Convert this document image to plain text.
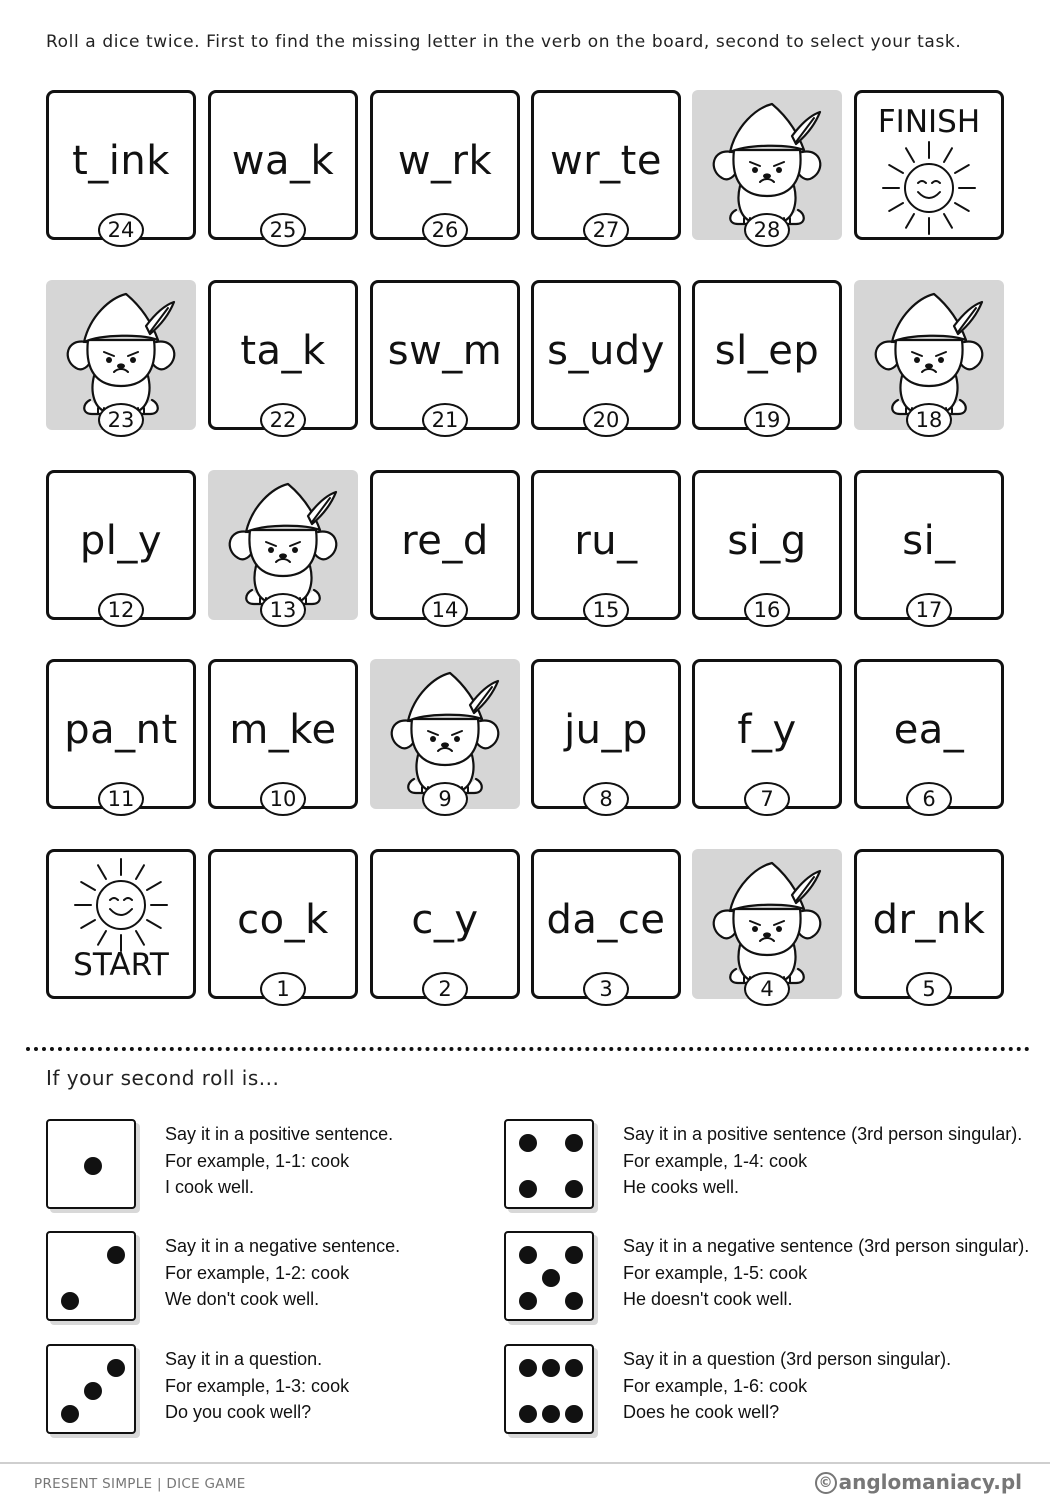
Roll a dice twice. First to find the missing letter in the verb on the board, second to select your task.
t_ink
24
wa_k
25
w_rk
26
wr_te
27	28
FINISH
23
ta_k
22
sw_m
21
s_udy
20
sl_ep
19	18
pl_y
12	13
re_d
14
ru_
15
si_g
16
si_
17
pa_nt
11
m_ke
10	9
ju_p
8
f_y
7
ea_
6
START
co_k
1
c_y
2
da_ce
3	4
dr_nk
5
If your second roll is...
Say it in a positive sentence.
For example, 1-1: cook
I cook well.
Say it in a negative sentence.
For example, 1-2: cook
We don't cook well.
Say it in a question.
For example, 1-3: cook
Do you cook well?
Say it in a positive sentence (3rd person singular).
For example, 1-4: cook
He cooks well.
Say it in a negative sentence (3rd person singular).
For example, 1-5: cook
He doesn't cook well.
Say it in a question (3rd person singular).
For example, 1-6: cook
Does he cook well?
PRESENT SIMPLE | DICE GAME	© anglomaniacy.pl
